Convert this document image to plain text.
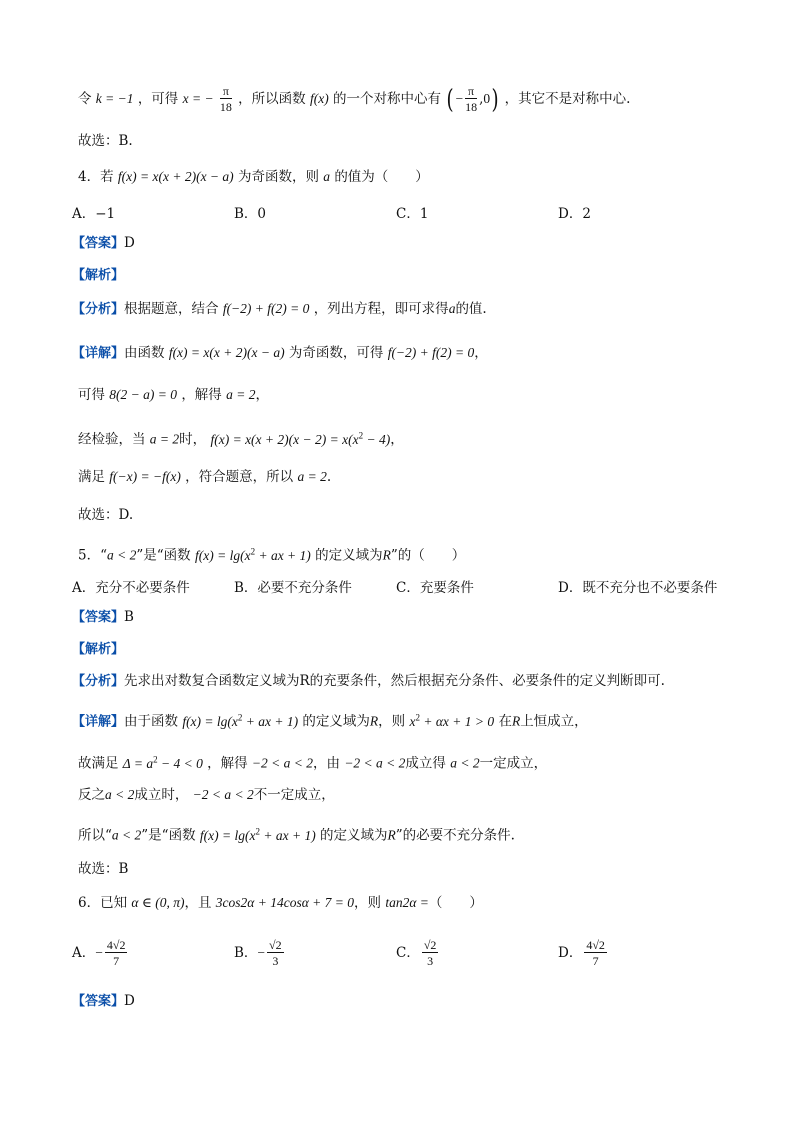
令 k = −1 ，可得 x = − $\frac{\pi}{18}$ ，所以函数 f(x) 的一个对称中心有 ( − $\frac{\pi}{18} ,0$) ，其它不是对称中心.
故选：B.
4．若 f(x) = x(x + 2)(x − a) 为奇函数，则 a 的值为（　　）
A．−1	B．0	C．1	D．2
【答案】D
【解析】
【分析】根据题意，结合 f(−2) + f(2) = 0 ，列出方程，即可求得a的值.
【详解】由函数 f(x) = x(x + 2)(x − a) 为奇函数，可得 f(−2) + f(2) = 0，
可得 8(2 − a) = 0 ，解得 a = 2，
经检验，当 a = 2时， $f(x) = x(x + 2)(x - 2) = x(x^2 - 4)$，
满足 f(−x) = −f(x) ，符合题意，所以 a = 2.
故选：D.
5．“a < 2”是“函数 $f(x) = \lg(x^2$ + ax + 1) 的定义域为R”的（　　）
A．充分不必要条件	B．必要不充分条件	C．充要条件	D．既不充分也不必要条件
【答案】B
【解析】
【分析】先求出对数复合函数定义域为R的充要条件，然后根据充分条件、必要条件的定义判断即可.
【详解】由于函数 $f(x) = \lg(x^2$ + ax + 1) 的定义域为R，则 $x^2 + \alpha x + 1 > 0$ 在R上恒成立，
故满足 $\Delta = a^2 - 4 < 0$ ，解得 −2 < a < 2，由 −2 < a < 2成立得 a < 2一定成立，
反之a < 2成立时， −2 < a < 2不一定成立，
所以“a < 2”是“函数 $f(x) = \lg(x^2$ + ax + 1) 的定义域为R”的必要不充分条件.
故选：B
6．已知 α ∈ (0, π)，且 3cos2α + 14cosα + 7 = 0，则 tan2α =（　　）
A．− $\frac{4√2}{7}$	B．− $\frac{√2}{3}$	C． $\frac{√2}{3}$	D． $\frac{4√2}{7}$
【答案】D
